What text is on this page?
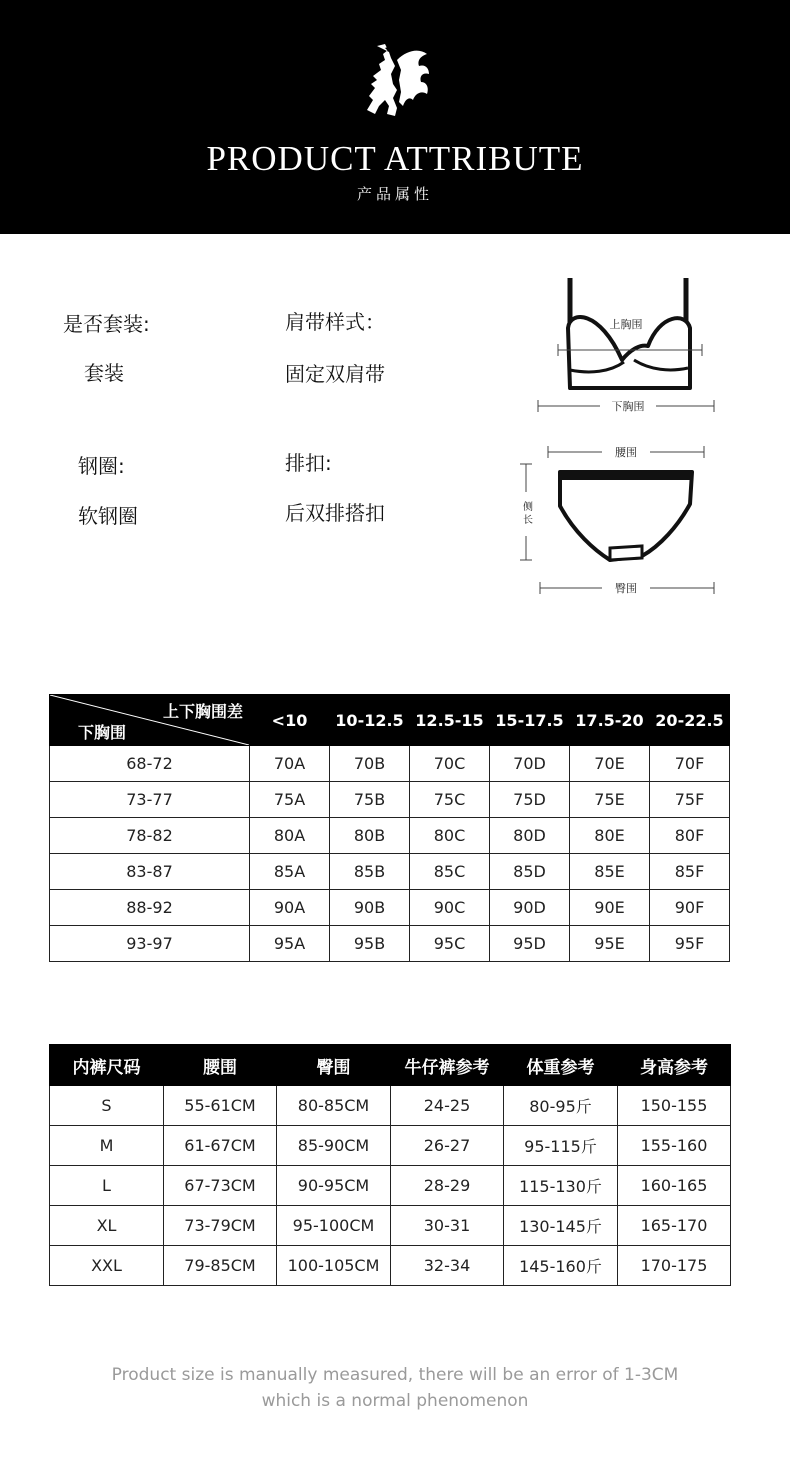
PRODUCT ATTRIBUTE
产品属性
是否套装:
套装
肩带样式：
固定双肩带
钢圈:
软钢圈
排扣:
后双排搭扣
上胸围
下胸围
腰围
侧
长
臀围
上下胸围差
下胸围	<10	10-12.5	12.5-15	15-17.5	17.5-20	20-22.5
68-72	70A	70B	70C	70D	70E	70F
73-77	75A	75B	75C	75D	75E	75F
78-82	80A	80B	80C	80D	80E	80F
83-87	85A	85B	85C	85D	85E	85F
88-92	90A	90B	90C	90D	90E	90F
93-97	95A	95B	95C	95D	95E	95F
内裤尺码	腰围	臀围	牛仔裤参考	体重参考	身高参考
S	55-61CM	80-85CM	24-25	80-95斤	150-155
M	61-67CM	85-90CM	26-27	95-115斤	155-160
L	67-73CM	90-95CM	28-29	115-130斤	160-165
XL	73-79CM	95-100CM	30-31	130-145斤	165-170
XXL	79-85CM	100-105CM	32-34	145-160斤	170-175
Product size is manually measured, there will be an error of 1-3CM
which is a normal phenomenon
